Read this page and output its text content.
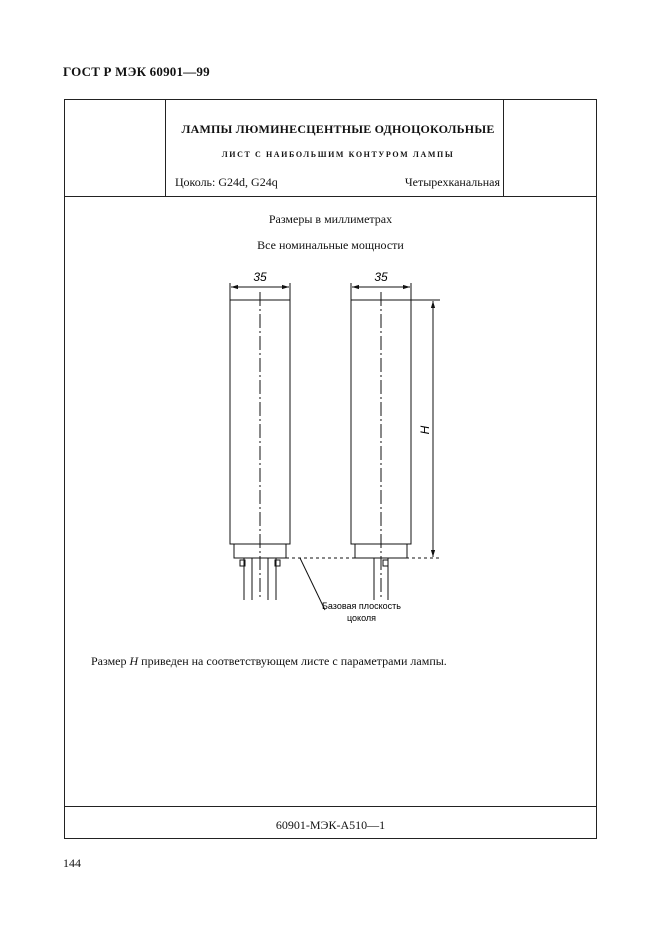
ГОСТ Р МЭК 60901—99
ЛАМПЫ ЛЮМИНЕСЦЕНТНЫЕ ОДНОЦОКОЛЬНЫЕ
ЛИСТ С НАИБОЛЬШИМ КОНТУРОМ ЛАМПЫ
Цоколь: G24d, G24q	Четырехканальная
Размеры в миллиметрах
Все номинальные мощности
Размер H приведен на соответствующем листе с параметрами лампы.
60901-МЭК-А510—1
35	35
H
Базовая плоскость
цоколя
144
